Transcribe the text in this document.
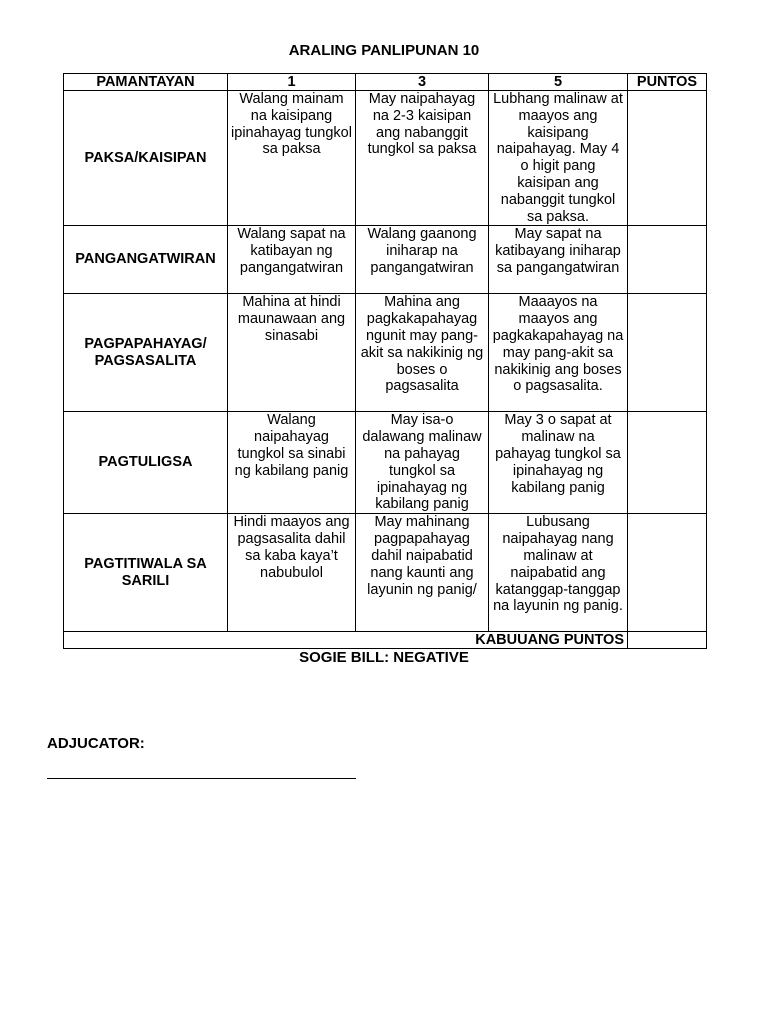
ARALING PANLIPUNAN 10
PAMANTAYAN	1	3	5	PUNTOS
PAKSA/KAISIPAN	Walang mainam na kaisipang ipinahayag tungkol sa paksa	May naipahayag na 2-3 kaisipan ang nabanggit tungkol sa paksa	Lubhang malinaw at maayos ang kaisipang naipahayag. May 4 o higit pang kaisipan ang nabanggit tungkol sa paksa.	
PANGANGATWIRAN	Walang sapat na katibayan ng pangangatwiran	Walang gaanong iniharap na pangangatwiran	May sapat na katibayang iniharap sa pangangatwiran	
PAGPAPAHAYAG/ PAGSASALITA	Mahina at hindi maunawaan ang sinasabi	Mahina ang pagkakapahayag ngunit may pang-akit sa nakikinig ng boses o pagsasalita	Maaayos na maayos ang pagkakapahayag na may pang-akit sa nakikinig ang boses o pagsasalita.	
PAGTULIGSA	Walang naipahayag tungkol sa sinabi ng kabilang panig	May isa-o dalawang malinaw na pahayag tungkol sa ipinahayag ng kabilang panig	May 3 o sapat at malinaw na pahayag tungkol sa ipinahayag ng kabilang panig	
PAGTITIWALA SA SARILI	Hindi maayos ang pagsasalita dahil sa kaba kaya’t nabubulol	May mahinang pagpapahayag dahil naipabatid nang kaunti ang layunin ng panig/	Lubusang naipahayag nang malinaw at naipabatid ang katanggap-tanggap na layunin ng panig.	
KABUUANG PUNTOS				
SOGIE BILL: NEGATIVE
ADJUCATOR:
